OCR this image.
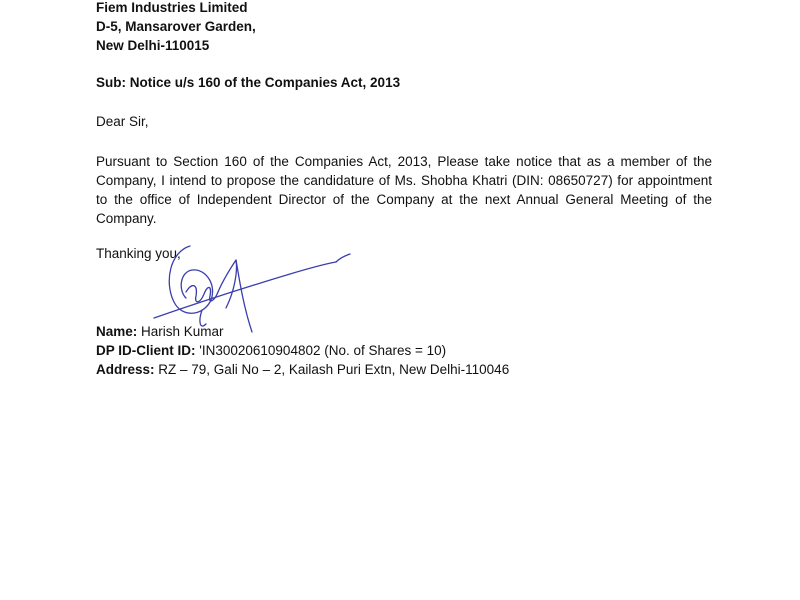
Fiem Industries Limited
D-5, Mansarover Garden,
New Delhi-110015
Sub: Notice u/s 160 of the Companies Act, 2013
Dear Sir,
Pursuant to Section 160 of the Companies Act, 2013, Please take notice that as a member of the Company, I intend to propose the candidature of Ms. Shobha Khatri (DIN: 08650727) for appointment to the office of Independent Director of the Company at the next Annual General Meeting of the Company.
Thanking you,
Name: Harish Kumar
DP ID-Client ID: 'IN30020610904802 (No. of Shares = 10)
Address: RZ – 79, Gali No – 2, Kailash Puri Extn, New Delhi-110046
